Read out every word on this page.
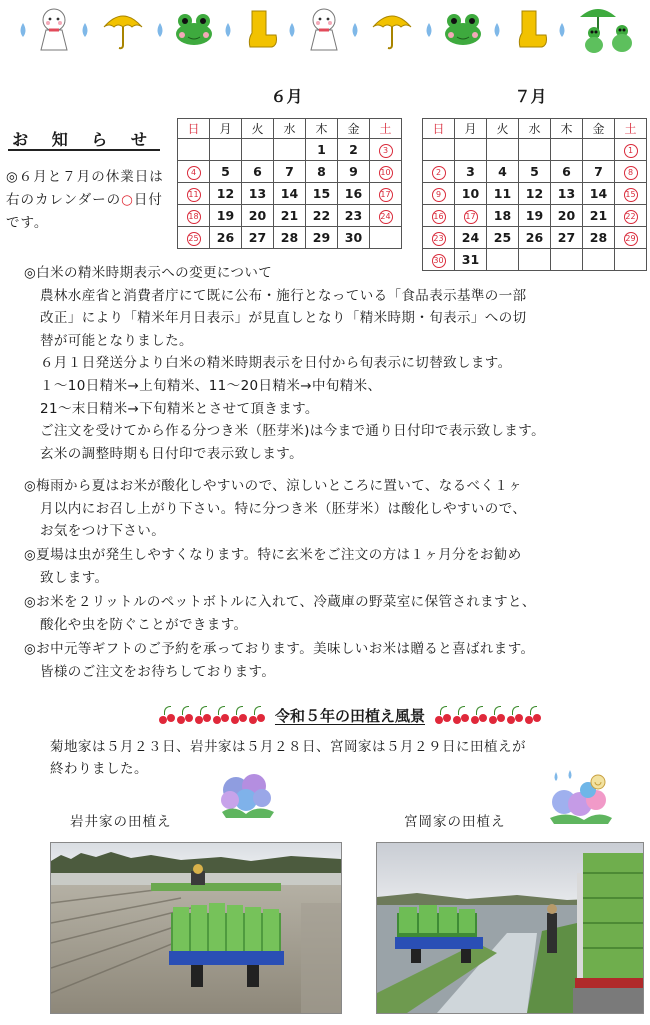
お 知 ら せ
◎６月と７月の休業日は右のカレンダーの○日付です。
６月	７月
日	月	火	水	木	金	土
				1	2	3
4	5	6	7	8	9	10
11	12	13	14	15	16	17
18	19	20	21	22	23	24
25	26	27	28	29	30	
日	月	火	水	木	金	土
						1
2	3	4	5	6	7	8
9	10	11	12	13	14	15
16	17	18	19	20	21	22
23	24	25	26	27	28	29
30	31					
◎白米の精米時期表示への変更について
農林水産省と消費者庁にて既に公布・施行となっている「食品表示基準の一部
改正」により「精米年月日表示」が見直しとなり「精米時期・旬表示」への切
替が可能となりました。
６月１日発送分より白米の精米時期表示を日付から旬表示に切替致します。
１～10日精米→上旬精米、11～20日精米→中旬精米、
21～末日精米→下旬精米とさせて頂きます。
ご注文を受けてから作る分つき米（胚芽米)は今まで通り日付印で表示致します。
玄米の調整時期も日付印で表示致します。
◎梅雨から夏はお米が酸化しやすいので、涼しいところに置いて、なるべく１ヶ
月以内にお召し上がり下さい。特に分つき米（胚芽米）は酸化しやすいので、
お気をつけ下さい。
◎夏場は虫が発生しやすくなります。特に玄米をご注文の方は１ヶ月分をお勧め
致します。
◎お米を２リットルのペットボトルに入れて、冷蔵庫の野菜室に保管されますと、
酸化や虫を防ぐことができます。
◎お中元等ギフトのご予約を承っております。美味しいお米は贈ると喜ばれます。
皆様のご注文をお待ちしております。
令和５年の田植え風景
菊地家は５月２３日、岩井家は５月２８日、宮岡家は５月２９日に田植えが
終わりました。
岩井家の田植え	宮岡家の田植え
